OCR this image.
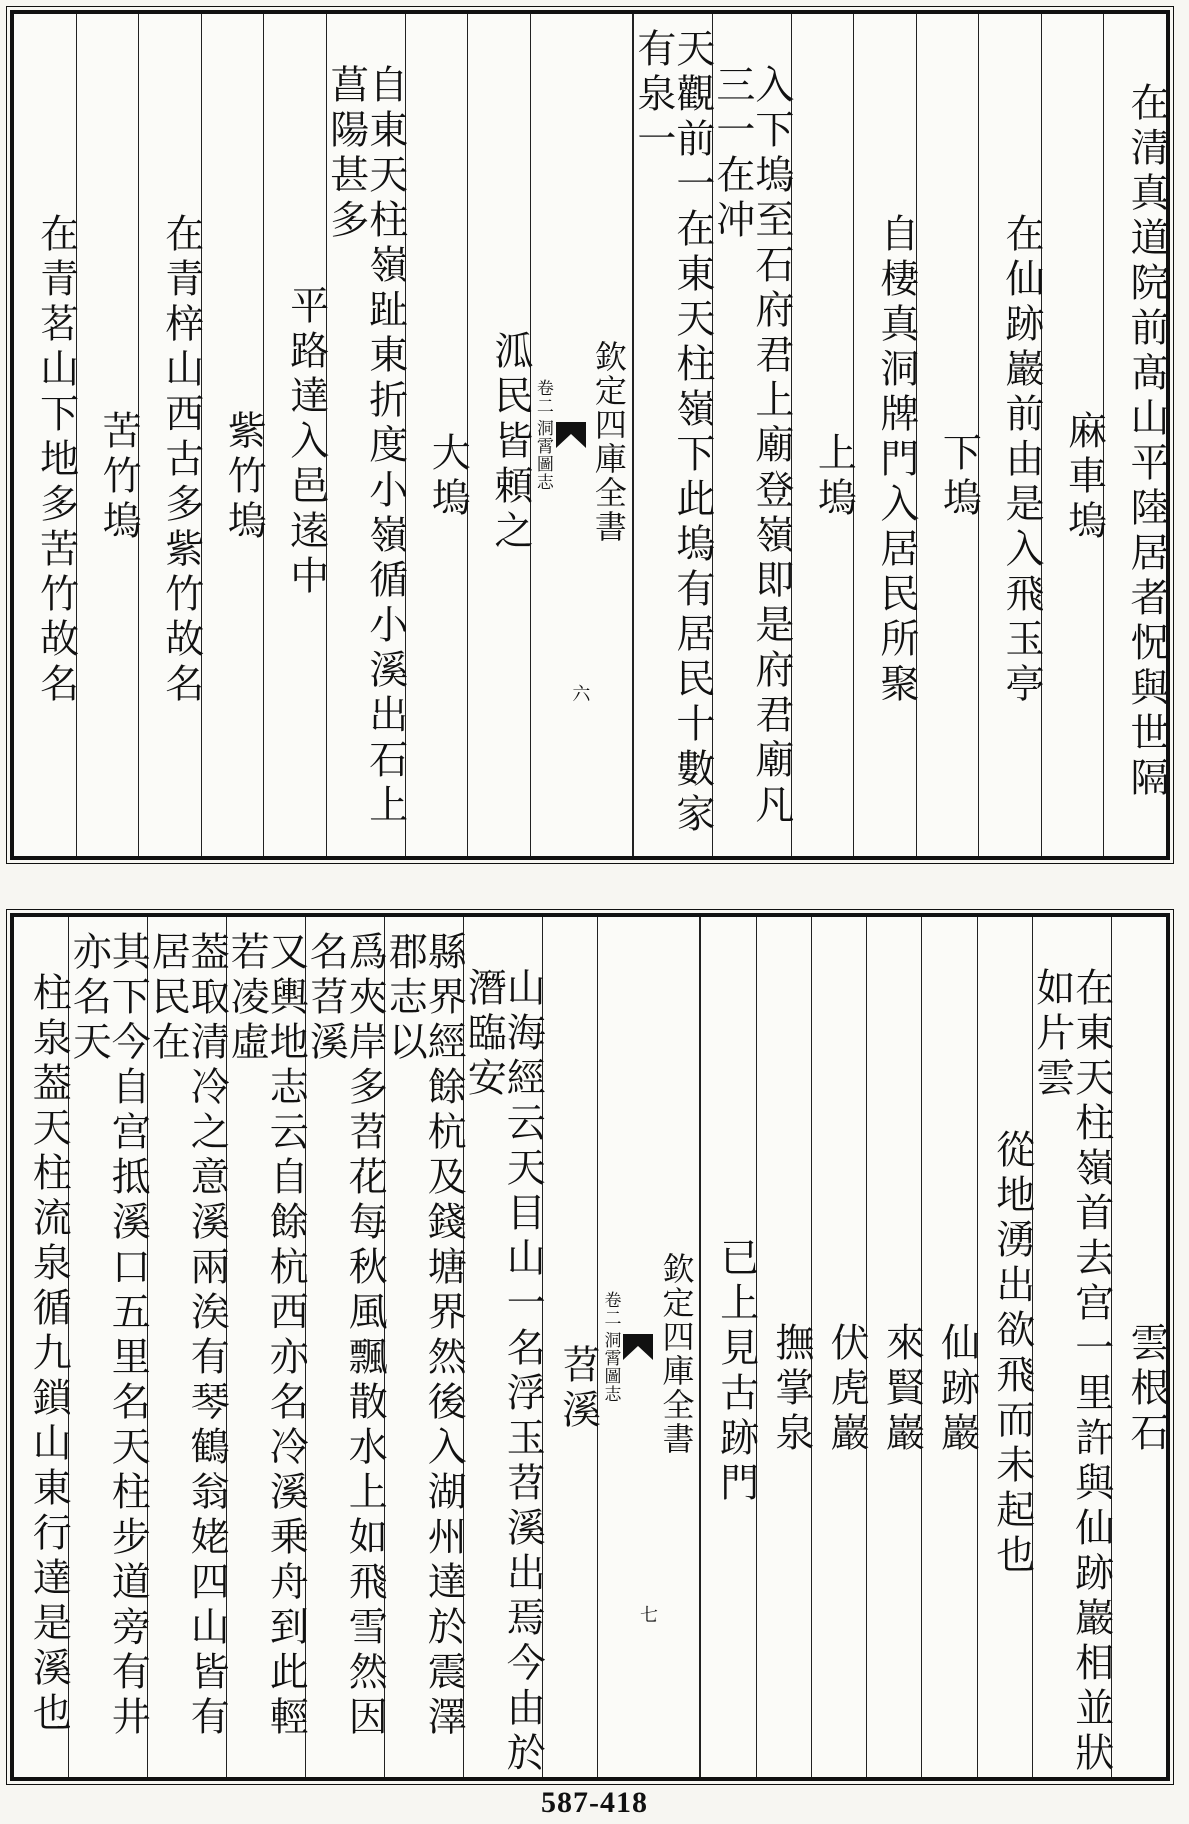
在清真道院前髙山平陸居者怳與世隔
麻車塢
在仙跡巖前由是入飛玉亭
下塢
自棲真洞牌門入居民所聚
上塢
入下塢至石府君上廟登嶺即是府君廟凡三一在冲
天觀前一在東天柱嶺下此塢有居民十數家有泉一
欽定四庫全書
洞霄圖志
卷二
六
泒民皆頼之
大塢
自東天柱嶺趾東折度小嶺循小溪出石上菖陽甚多
平路達入邑逺中
紫竹塢
在青梓山西古多紫竹故名
苦竹塢
在青茗山下地多苦竹故名
雲根石
在東天柱嶺首去宫一里許與仙跡巖相並狀如片雲
從地湧出欲飛而未起也
仙跡巖
來賢巖
伏虎巖
撫掌泉
已上見古跡門
欽定四庫全書
洞霄圖志
卷二
七
苕溪
山海經云天目山一名浮玉苕溪出焉今由於潛臨安
縣界經餘杭及錢塘界然後入湖州達於震澤郡志以
爲夾岸多苕花每秋風飄散水上如飛雪然因名苕溪
又輿地志云自餘杭西亦名冷溪乗舟到此輕若凌虛
葢取清冷之意溪兩涘有琴鶴翁姥四山皆有居民在
其下今自宫抵溪口五里名天柱步道旁有井亦名天
柱泉葢天柱流泉循九鎖山東行達是溪也
587-418
